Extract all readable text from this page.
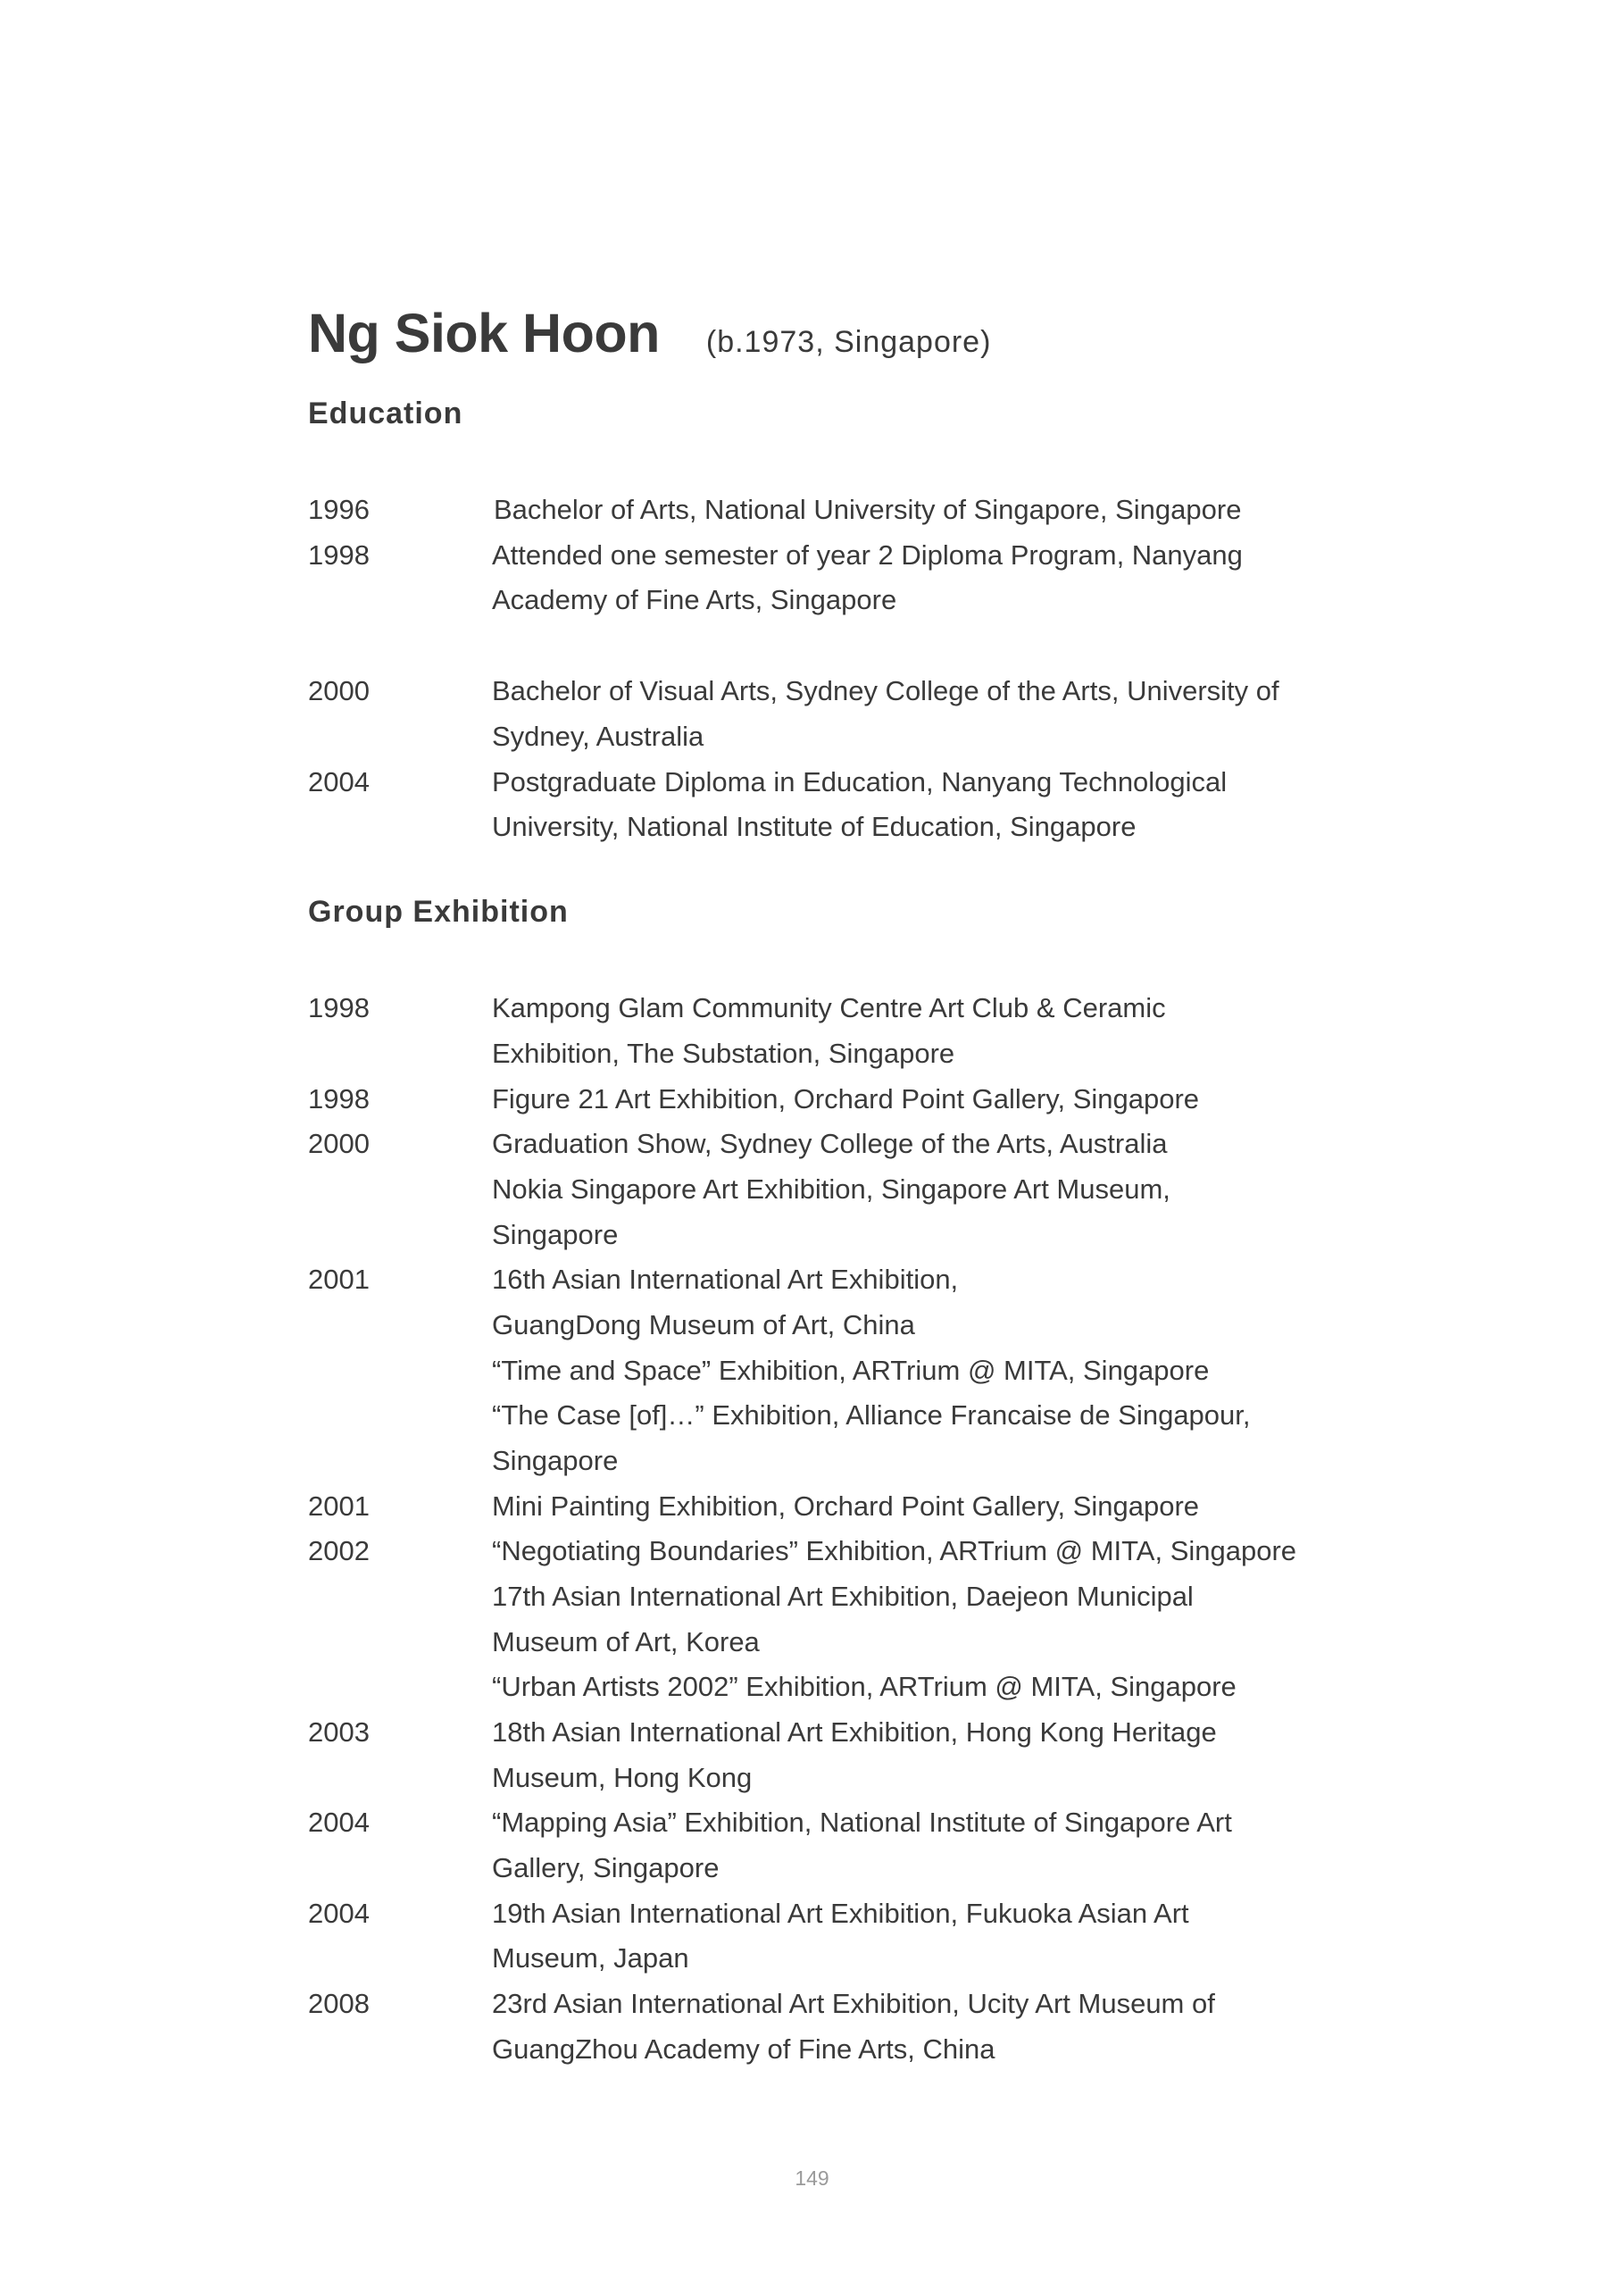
Ng Siok Hoon (b.1973, Singapore)
Education
1996	Bachelor of Arts, National University of Singapore, Singapore
1998	Attended one semester of year 2 Diploma Program, Nanyang
Academy of Fine Arts, Singapore
2000	Bachelor of Visual Arts, Sydney College of the Arts, University of
Sydney, Australia
2004	Postgraduate Diploma in Education, Nanyang Technological
University, National Institute of Education, Singapore
Group Exhibition
1998	Kampong Glam Community Centre Art Club & Ceramic
Exhibition, The Substation, Singapore
1998	Figure 21 Art Exhibition, Orchard Point Gallery, Singapore
2000	Graduation Show, Sydney College of the Arts, Australia
Nokia Singapore Art Exhibition, Singapore Art Museum,
Singapore
2001	16th Asian International Art Exhibition,
GuangDong Museum of Art, China
“Time and Space” Exhibition, ARTrium @ MITA, Singapore
“The Case [of]…” Exhibition, Alliance Francaise de Singapour,
Singapore
2001	Mini Painting Exhibition, Orchard Point Gallery, Singapore
2002	“Negotiating Boundaries” Exhibition, ARTrium @ MITA, Singapore
17th Asian International Art Exhibition, Daejeon Municipal
Museum of Art, Korea
“Urban Artists 2002” Exhibition, ARTrium @ MITA, Singapore
2003	18th Asian International Art Exhibition, Hong Kong Heritage
Museum, Hong Kong
2004	“Mapping Asia” Exhibition, National Institute of Singapore Art
Gallery, Singapore
2004	19th Asian International Art Exhibition, Fukuoka Asian Art
Museum, Japan
2008	23rd Asian International Art Exhibition, Ucity Art Museum of
GuangZhou Academy of Fine Arts, China
149
